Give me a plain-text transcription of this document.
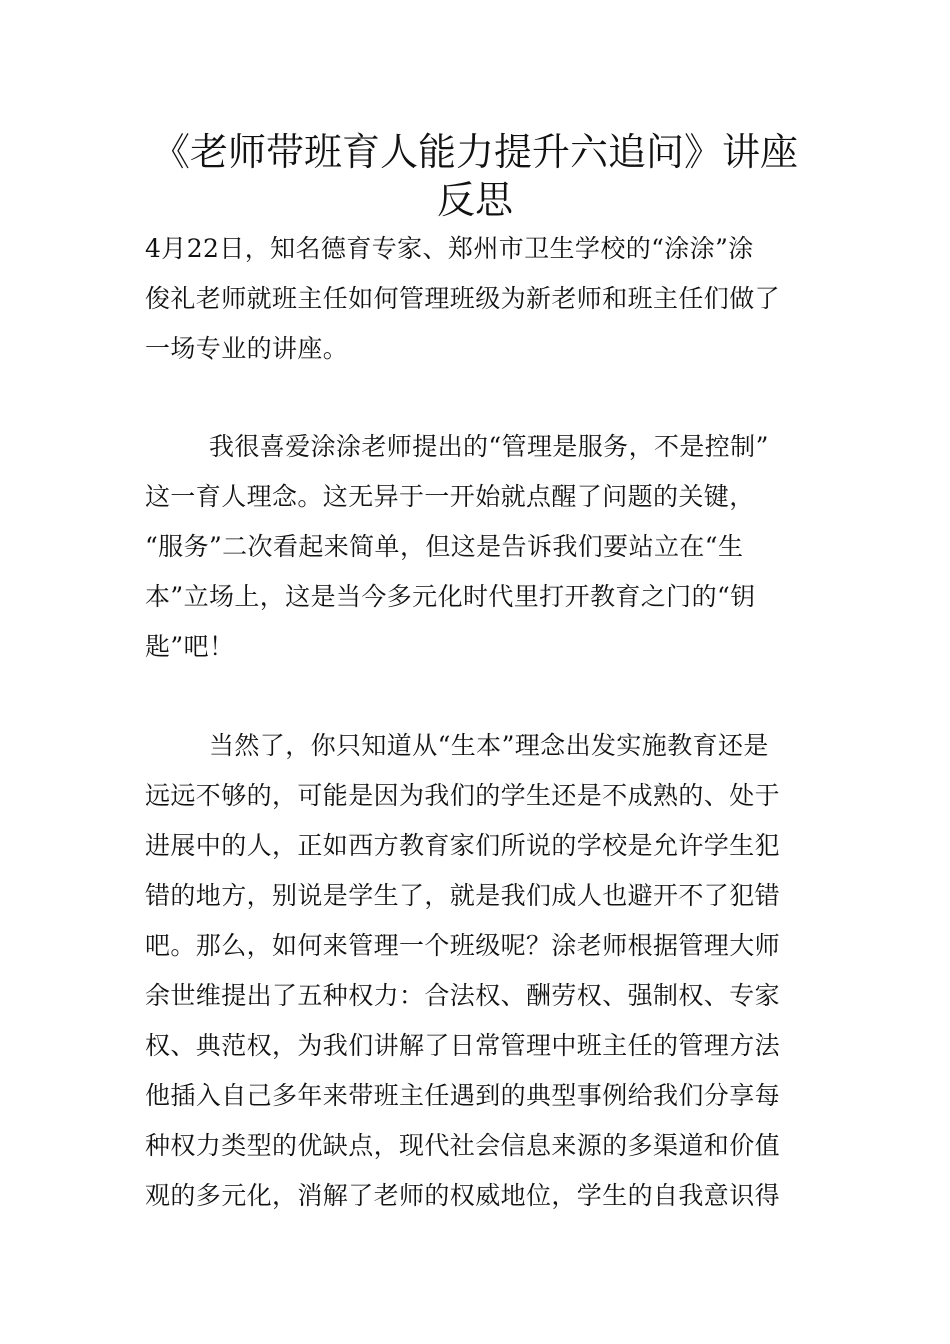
《老师带班育人能力提升六追问》讲座
反思
4月22日，知名德育专家、郑州市卫生学校的“涂涂”涂
俊礼老师就班主任如何管理班级为新老师和班主任们做了
一场专业的讲座。
我很喜爱涂涂老师提出的“管理是服务，不是控制”
这一育人理念。这无异于一开始就点醒了问题的关键，
“服务”二次看起来简单，但这是告诉我们要站立在“生
本”立场上，这是当今多元化时代里打开教育之门的“钥
匙”吧！
当然了，你只知道从“生本”理念出发实施教育还是
远远不够的，可能是因为我们的学生还是不成熟的、处于
进展中的人，正如西方教育家们所说的学校是允许学生犯
错的地方，别说是学生了，就是我们成人也避开不了犯错
吧。那么，如何来管理一个班级呢？涂老师根据管理大师
余世维提出了五种权力：合法权、酬劳权、强制权、专家
权、典范权，为我们讲解了日常管理中班主任的管理方法
他插入自己多年来带班主任遇到的典型事例给我们分享每
种权力类型的优缺点，现代社会信息来源的多渠道和价值
观的多元化，消解了老师的权威地位，学生的自我意识得
